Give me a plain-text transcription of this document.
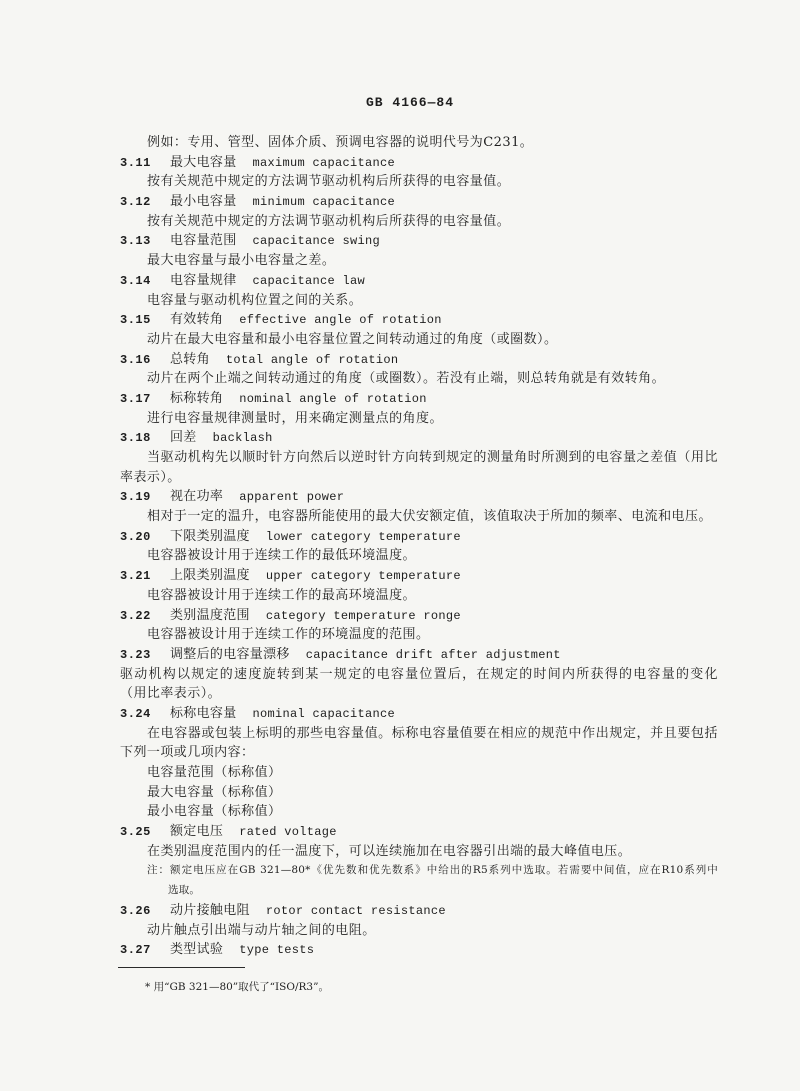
GB 4166—84
例如：专用、管型、固体介质、预调电容器的说明代号为C231。
3.11 最大电容量 maximum capacitance
按有关规范中规定的方法调节驱动机构后所获得的电容量值。
3.12 最小电容量 minimum capacitance
按有关规范中规定的方法调节驱动机构后所获得的电容量值。
3.13 电容量范围 capacitance swing
最大电容量与最小电容量之差。
3.14 电容量规律 capacitance law
电容量与驱动机构位置之间的关系。
3.15 有效转角 effective angle of rotation
动片在最大电容量和最小电容量位置之间转动通过的角度（或圈数）。
3.16 总转角 total angle of rotation
动片在两个止端之间转动通过的角度（或圈数）。若没有止端，则总转角就是有效转角。
3.17 标称转角 nominal angle of rotation
进行电容量规律测量时，用来确定测量点的角度。
3.18 回差 backlash
当驱动机构先以顺时针方向然后以逆时针方向转到规定的测量角时所测到的电容量之差值（用比
率表示）。
3.19 视在功率 apparent power
相对于一定的温升，电容器所能使用的最大伏安额定值，该值取决于所加的频率、电流和电压。
3.20 下限类别温度 lower category temperature
电容器被设计用于连续工作的最低环境温度。
3.21 上限类别温度 upper category temperature
电容器被设计用于连续工作的最高环境温度。
3.22 类别温度范围 category temperature ronge
电容器被设计用于连续工作的环境温度的范围。
3.23 调整后的电容量漂移 capacitance drift after adjustment
驱动机构以规定的速度旋转到某一规定的电容量位置后，在规定的时间内所获得的电容量的变化
（用比率表示）。
3.24 标称电容量 nominal capacitance
在电容器或包装上标明的那些电容量值。标称电容量值要在相应的规范中作出规定，并且要包括
下列一项或几项内容：
电容量范围（标称值）
最大电容量（标称值）
最小电容量（标称值）
3.25 额定电压 rated voltage
在类别温度范围内的任一温度下，可以连续施加在电容器引出端的最大峰值电压。
注：额定电压应在GB 321—80*《优先数和优先数系》中给出的R5系列中选取。若需要中间值，应在R10系列中
选取。
3.26 动片接触电阻 rotor contact resistance
动片触点引出端与动片轴之间的电阻。
3.27 类型试验 type tests
* 用“GB 321—80”取代了“ISO/R3”。
